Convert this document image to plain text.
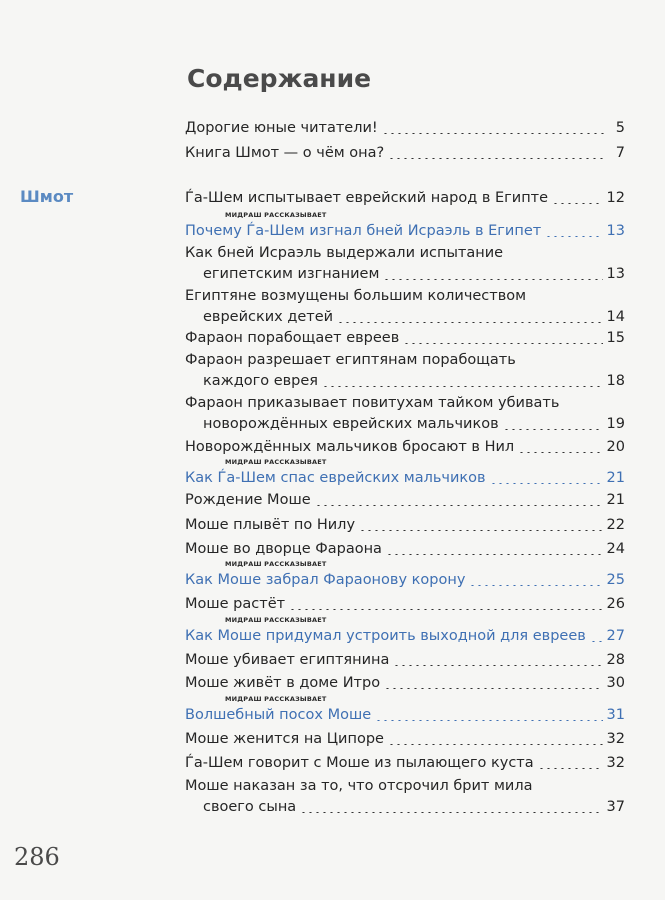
Содержание
Шмот
Дорогие юные читатели!	5
Книга Шмот — о чём она?	7
Ѓа-Шем испытывает еврейский народ в Египте	12
МИДРАШ РАССКАЗЫВАЕТ
Почему Ѓа-Шем изгнал бней Исраэль в Египет	13
Как бней Исраэль выдержали испытание
египетским изгнанием	13
Египтяне возмущены большим количеством
еврейских детей	14
Фараон порабощает евреев	15
Фараон разрешает египтянам порабощать
каждого еврея	18
Фараон приказывает повитухам тайком убивать
новорождённых еврейских мальчиков	19
Новорождённых мальчиков бросают в Нил	20
МИДРАШ РАССКАЗЫВАЕТ
Как Ѓа-Шем спас еврейских мальчиков	21
Рождение Моше	21
Моше плывёт по Нилу	22
Моше во дворце Фараона	24
МИДРАШ РАССКАЗЫВАЕТ
Как Моше забрал Фараонову корону	25
Моше растёт	26
МИДРАШ РАССКАЗЫВАЕТ
Как Моше придумал устроить выходной для евреев 27
Моше убивает египтянина	28
Моше живёт в доме Итро	30
МИДРАШ РАССКАЗЫВАЕТ
Волшебный посох Моше	31
Моше женится на Ципоре	32
Ѓа-Шем говорит с Моше из пылающего куста	32
Моше наказан за то, что отсрочил брит мила
своего сына	37
286
